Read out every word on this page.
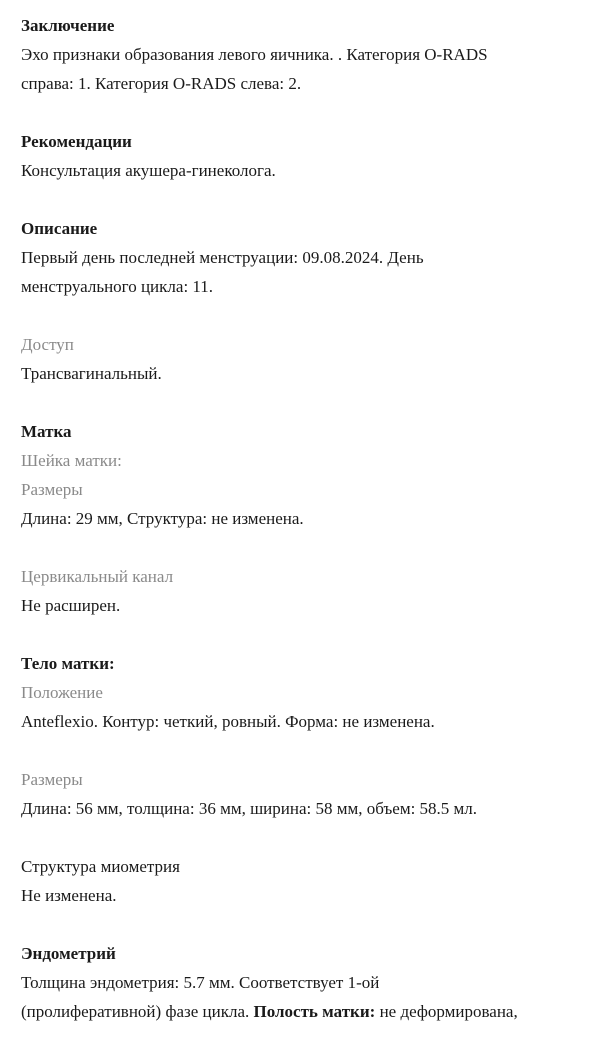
Заключение

Эхо признаки образования левого яичника. . Категория O-RADS

справа: 1. Категория O-RADS слева: 2.

Рекомендации

Консультация акушера-гинеколога.

Описание

Первый день последней менструации: 09.08.2024. День

менструального цикла: 11.

Доступ

Трансвагинальный.

Матка

Шейка матки:

Размеры

Длина: 29 мм, Структура: не изменена.

Цервикальный канал

Не расширен.

Тело матки:

Положение

Anteflexio. Контур: четкий, ровный. Форма: не изменена.

Размеры

Длина: 56 мм, толщина: 36 мм, ширина: 58 мм, объем: 58.5 мл.

Структура миометрия

Не изменена.

Эндометрий

Толщина эндометрия: 5.7 мм. Соответствует 1-ой

(пролиферативной) фазе цикла. Полость матки: не деформирована,
